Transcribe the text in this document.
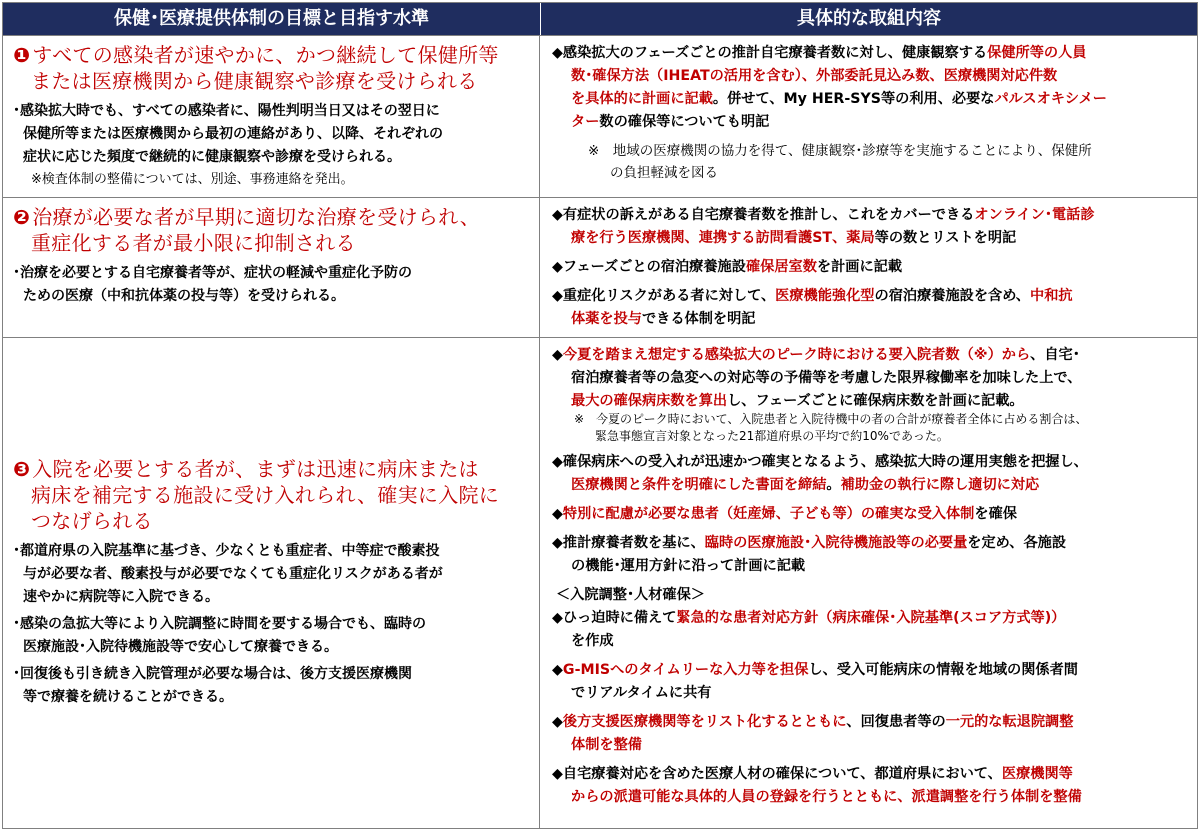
保健･医療提供体制の目標と目指す水準	具体的な取組内容
❶ すべての感染者が速やかに、かつ継続して保健所等
または医療機関から健康観察や診療を受けられる
･感染拡大時でも、すべての感染者に、陽性判明当日又はその翌日に
保健所等または医療機関から最初の連絡があり、以降、それぞれの
症状に応じた頻度で継続的に健康観察や診療を受けられる。
※検査体制の整備については、別途、事務連絡を発出。
◆感染拡大のフェーズごとの推計自宅療養者数に対し、健康観察する保健所等の人員
数･確保方法（IHEATの活用を含む）、外部委託見込み数、医療機関対応件数
を具体的に計画に記載。併せて、My HER-SYS等の利用、必要なパルスオキシメー
ター数の確保等についても明記
※　地域の医療機関の協力を得て、健康観察･診療等を実施することにより、保健所
の負担軽減を図る
❷ 治療が必要な者が早期に適切な治療を受けられ、
重症化する者が最小限に抑制される
･治療を必要とする自宅療養者等が、症状の軽減や重症化予防の
ための医療（中和抗体薬の投与等）を受けられる。
◆有症状の訴えがある自宅療養者数を推計し、これをカバーできるオンライン･電話診
療を行う医療機関、連携する訪問看護ST、薬局等の数とリストを明記
◆フェーズごとの宿泊療養施設確保居室数を計画に記載
◆重症化リスクがある者に対して、医療機能強化型の宿泊療養施設を含め、中和抗
体薬を投与できる体制を明記
❸ 入院を必要とする者が、まずは迅速に病床または
病床を補完する施設に受け入れられ、確実に入院に
つなげられる
･都道府県の入院基準に基づき、少なくとも重症者、中等症で酸素投
与が必要な者、酸素投与が必要でなくても重症化リスクがある者が
速やかに病院等に入院できる。
･感染の急拡大等により入院調整に時間を要する場合でも、臨時の
医療施設･入院待機施設等で安心して療養できる。
･回復後も引き続き入院管理が必要な場合は、後方支援医療機関
等で療養を続けることができる。
◆今夏を踏まえ想定する感染拡大のピーク時における要入院者数（※）から、自宅･
宿泊療養者等の急変への対応等の予備等を考慮した限界稼働率を加味した上で、
最大の確保病床数を算出し、フェーズごとに確保病床数を計画に記載。
※　今夏のピーク時において、入院患者と入院待機中の者の合計が療養者全体に占める割合は、
緊急事態宣言対象となった21都道府県の平均で約10%であった。
◆確保病床への受入れが迅速かつ確実となるよう、感染拡大時の運用実態を把握し、
医療機関と条件を明確にした書面を締結。補助金の執行に際し適切に対応
◆特別に配慮が必要な患者（妊産婦、子ども等）の確実な受入体制を確保
◆推計療養者数を基に、臨時の医療施設･入院待機施設等の必要量を定め、各施設
の機能･運用方針に沿って計画に記載
＜入院調整･人材確保＞
◆ひっ迫時に備えて緊急的な患者対応方針（病床確保･入院基準(スコア方式等)）
を作成
◆G-MISへのタイムリーな入力等を担保し、受入可能病床の情報を地域の関係者間
でリアルタイムに共有
◆後方支援医療機関等をリスト化するとともに、回復患者等の一元的な転退院調整
体制を整備
◆自宅療養対応を含めた医療人材の確保について、都道府県において、医療機関等
からの派遣可能な具体的人員の登録を行うとともに、派遣調整を行う体制を整備
